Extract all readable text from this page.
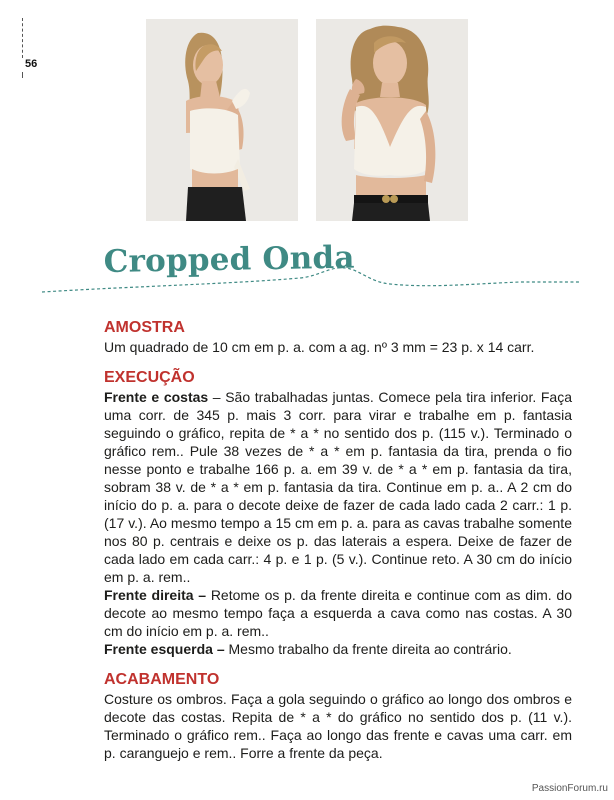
56
Cropped Onda
AMOSTRA

Um quadrado de 10 cm em p. a. com a ag. nº 3 mm = 23 p. x 14 carr.

EXECUÇÃO

Frente e costas – São trabalhadas juntas. Comece pela tira inferior. Faça uma corr. de 345 p. mais 3 corr. para virar e trabalhe em p. fantasia seguindo o gráfico, repita de * a * no sentido dos p. (115 v.). Terminado o gráfico rem.. Pule 38 vezes de * a * em p. fantasia da tira, prenda o fio nesse ponto e trabalhe 166 p. a. em 39 v. de * a * em p. fantasia da tira, sobram 38 v. de * a * em p. fantasia da tira. Continue em p. a.. A 2 cm do início do p. a. para o decote deixe de fazer de cada lado cada 2 carr.: 1 p. (17 v.). Ao mesmo tempo a 15 cm em p. a. para as cavas trabalhe somente nos 80 p. centrais e deixe os p. das laterais a espera. Deixe de fazer de cada lado em cada carr.: 4 p. e 1 p. (5 v.). Continue reto. A 30 cm do início em p. a. rem..

Frente direita – Retome os p. da frente direita e continue com as dim. do decote ao mesmo tempo faça a esquerda a cava como nas costas. A 30 cm do início em p. a. rem..

Frente esquerda – Mesmo trabalho da frente direita ao contrário.

ACABAMENTO

Costure os ombros. Faça a gola seguindo o gráfico ao longo dos ombros e decote das costas. Repita de * a * do gráfico no sentido dos p. (11 v.). Terminado o gráfico rem.. Faça ao longo das frente e cavas uma carr. em p. caranguejo e rem.. Forre a frente da peça.

PassionForum.ru
